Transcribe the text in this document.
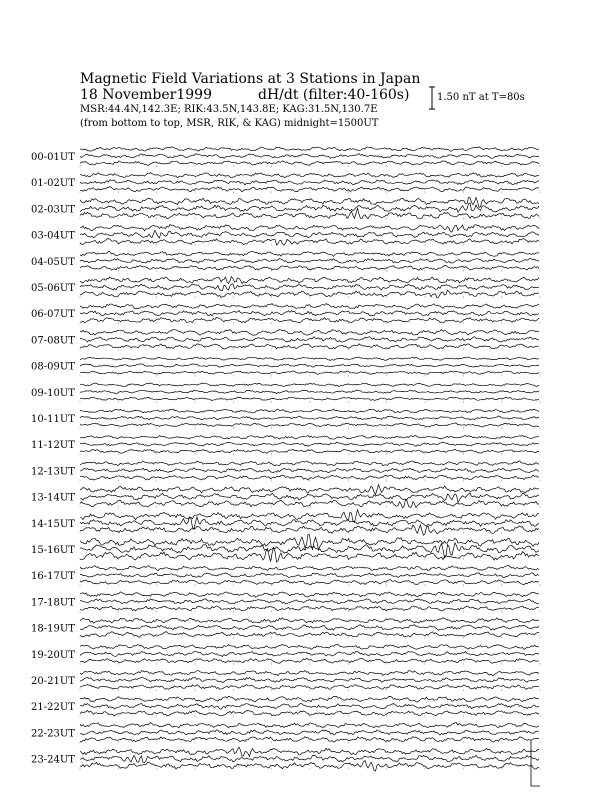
Magnetic Field Variations at 3 Stations in Japan
18 November1999	dH/dt (filter:40-160s)
MSR:44.4N,142.3E; RIK:43.5N,143.8E; KAG:31.5N,130.7E
(from bottom to top, MSR, RIK, & KAG) midnight=1500UT
1.50 nT at T=80s
00-01UT
01-02UT
02-03UT
03-04UT
04-05UT
05-06UT
06-07UT
07-08UT
08-09UT
09-10UT
10-11UT
11-12UT
12-13UT
13-14UT
14-15UT
15-16UT
16-17UT
17-18UT
18-19UT
19-20UT
20-21UT
21-22UT
22-23UT
23-24UT
